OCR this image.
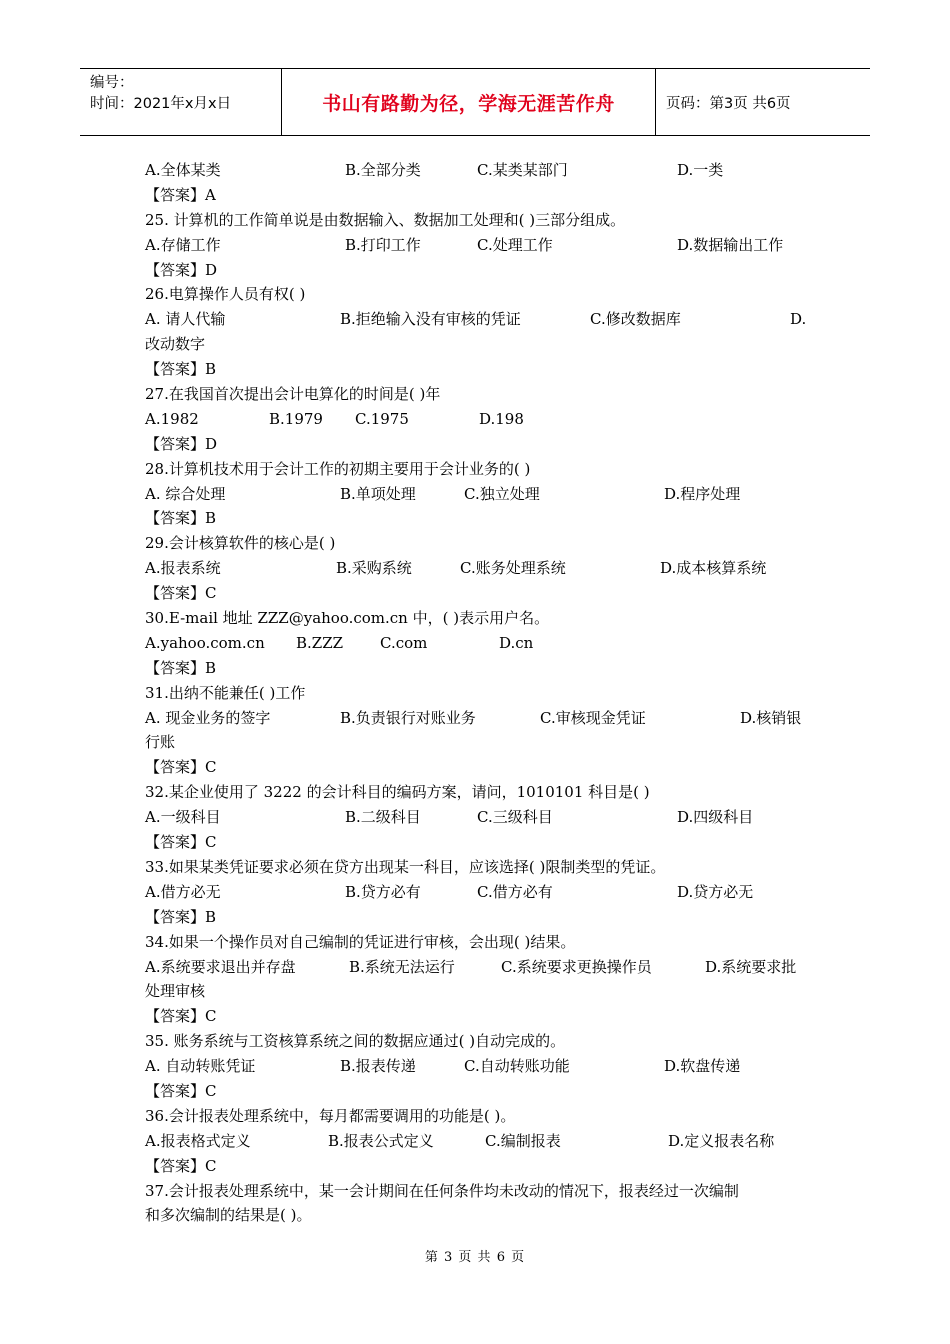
编号：
时间：2021年x月x日	书山有路勤为径，学海无涯苦作舟	页码：第3页 共6页
A.全体某类	B.全部分类	C.某类某部门	D.一类
【答案】A
25. 计算机的工作简单说是由数据输入、数据加工处理和( )三部分组成。
A.存储工作	B.打印工作	C.处理工作	D.数据输出工作
【答案】D
26.电算操作人员有权( )
A. 请人代输	B.拒绝输入没有审核的凭证	C.修改数据库	D.
改动数字
【答案】B
27.在我国首次提出会计电算化的时间是( )年
A.1982	B.1979 C.1975	D.198
【答案】D
28.计算机技术用于会计工作的初期主要用于会计业务的( )
A. 综合处理	B.单项处理	C.独立处理	D.程序处理
【答案】B
29.会计核算软件的核心是( )
A.报表系统	B.采购系统	C.账务处理系统	D.成本核算系统
【答案】C
30.E-mail 地址 ZZZ@yahoo.com.cn 中，( )表示用户名。
A.yahoo.com.cn B.ZZZ C.com	D.cn
【答案】B
31.出纳不能兼任( )工作
A. 现金业务的签字	B.负责银行对账业务	C.审核现金凭证	D.核销银
行账
【答案】C
32.某企业使用了 3222 的会计科目的编码方案，请问，1010101 科目是( )
A.一级科目	B.二级科目	C.三级科目	D.四级科目
【答案】C
33.如果某类凭证要求必须在贷方出现某一科目，应该选择( )限制类型的凭证。
A.借方必无	B.贷方必有	C.借方必有	D.贷方必无
【答案】B
34.如果一个操作员对自己编制的凭证进行审核，会出现( )结果。
A.系统要求退出并存盘	B.系统无法运行	C.系统要求更换操作员	D.系统要求批
处理审核
【答案】C
35. 账务系统与工资核算系统之间的数据应通过( )自动完成的。
A. 自动转账凭证	B.报表传递	C.自动转账功能	D.软盘传递
【答案】C
36.会计报表处理系统中，每月都需要调用的功能是( )。
A.报表格式定义	B.报表公式定义	C.编制报表	D.定义报表名称
【答案】C
37.会计报表处理系统中，某一会计期间在任何条件均未改动的情况下，报表经过一次编制
和多次编制的结果是( )。
第 3 页 共 6 页
